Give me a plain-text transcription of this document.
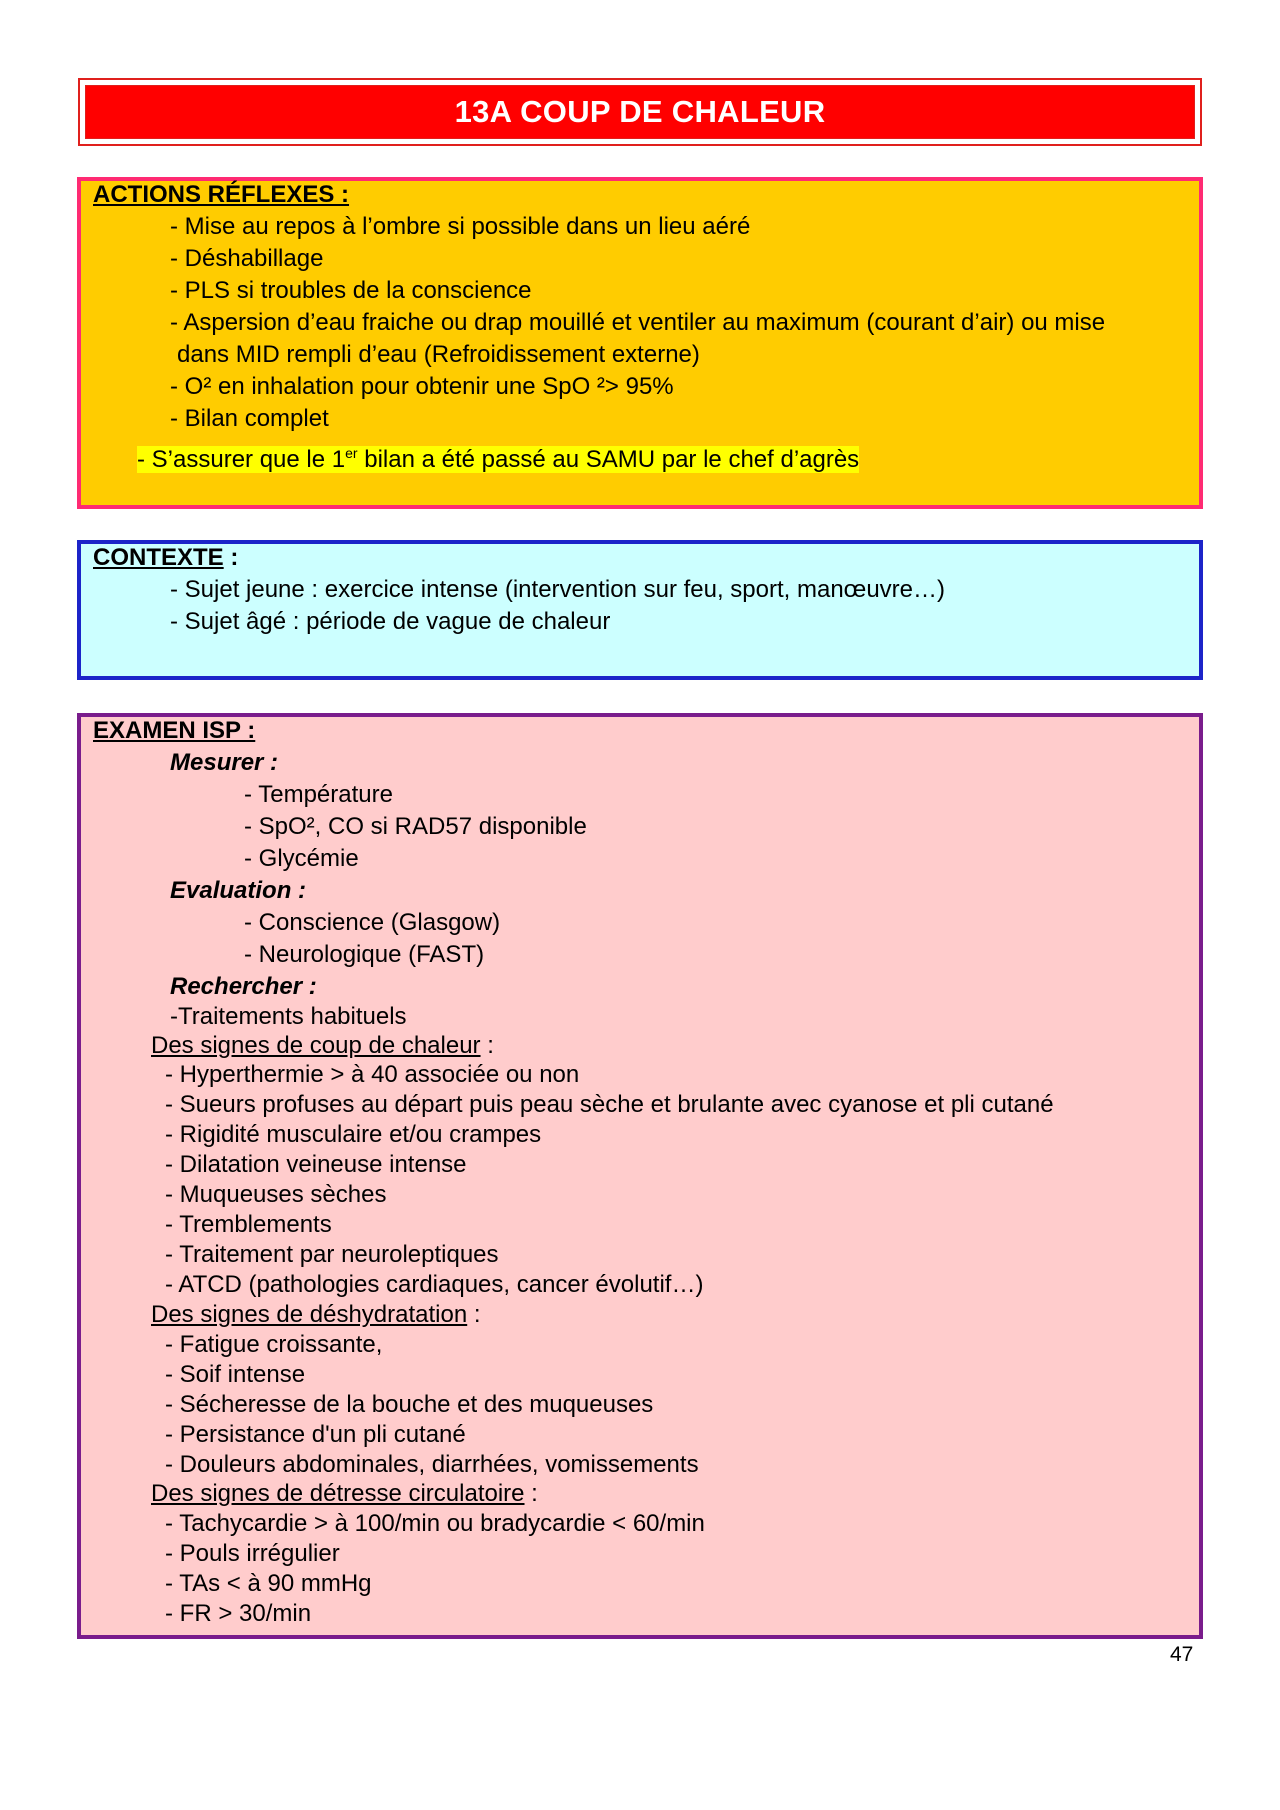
13A COUP DE CHALEUR
ACTIONS RÉFLEXES :
- Mise au repos à l’ombre si possible dans un lieu aéré
- Déshabillage
- PLS si troubles de la conscience
- Aspersion d’eau fraiche ou drap mouillé et ventiler au maximum (courant d’air) ou mise
dans MID rempli d’eau (Refroidissement externe)
- O² en inhalation pour obtenir une SpO ²> 95%
- Bilan complet
- S’assurer que le 1er bilan a été passé au SAMU par le chef d’agrès
CONTEXTE :
- Sujet jeune : exercice intense (intervention sur feu, sport, manœuvre…)
- Sujet âgé : période de vague de chaleur
EXAMEN ISP :
Mesurer :
- Température
- SpO², CO si RAD57 disponible
- Glycémie
Evaluation :
- Conscience (Glasgow)
- Neurologique (FAST)
Rechercher :
-Traitements habituels
Des signes de coup de chaleur :
- Hyperthermie > à 40 associée ou non
- Sueurs profuses au départ puis peau sèche et brulante avec cyanose et pli cutané
- Rigidité musculaire et/ou crampes
- Dilatation veineuse intense
- Muqueuses sèches
- Tremblements
- Traitement par neuroleptiques
- ATCD (pathologies cardiaques, cancer évolutif…)
Des signes de déshydratation :
- Fatigue croissante,
- Soif intense
- Sécheresse de la bouche et des muqueuses
- Persistance d'un pli cutané
- Douleurs abdominales, diarrhées, vomissements
Des signes de détresse circulatoire :
- Tachycardie > à 100/min ou bradycardie < 60/min
- Pouls irrégulier
- TAs < à 90 mmHg
- FR > 30/min
47
